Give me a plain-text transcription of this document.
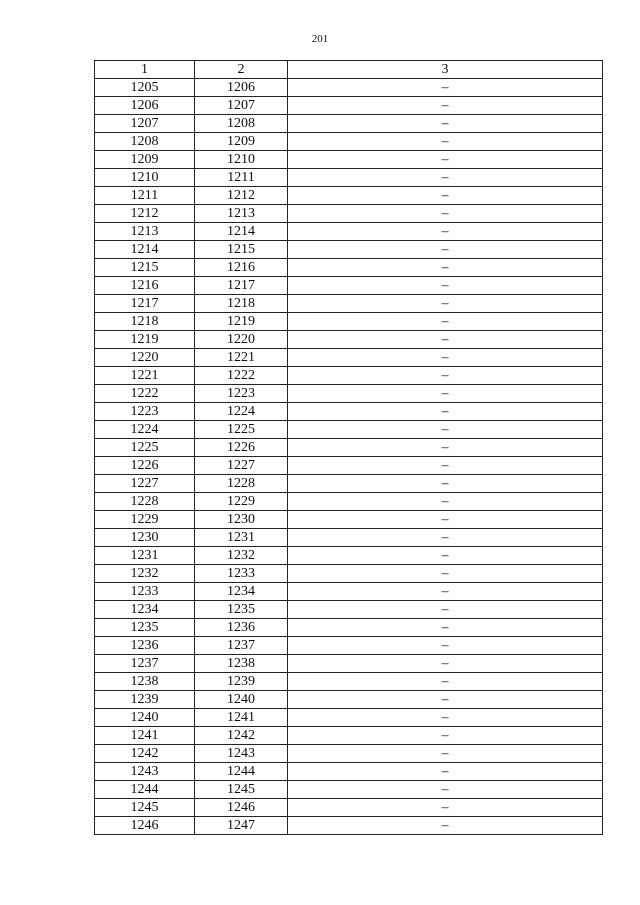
201
1	2	3
1205	1206	–
1206	1207	–
1207	1208	–
1208	1209	–
1209	1210	–
1210	1211	–
1211	1212	–
1212	1213	–
1213	1214	–
1214	1215	–
1215	1216	–
1216	1217	–
1217	1218	–
1218	1219	–
1219	1220	–
1220	1221	–
1221	1222	–
1222	1223	–
1223	1224	–
1224	1225	–
1225	1226	–
1226	1227	–
1227	1228	–
1228	1229	–
1229	1230	–
1230	1231	–
1231	1232	–
1232	1233	–
1233	1234	–
1234	1235	–
1235	1236	–
1236	1237	–
1237	1238	–
1238	1239	–
1239	1240	–
1240	1241	–
1241	1242	–
1242	1243	–
1243	1244	–
1244	1245	–
1245	1246	–
1246	1247	–
